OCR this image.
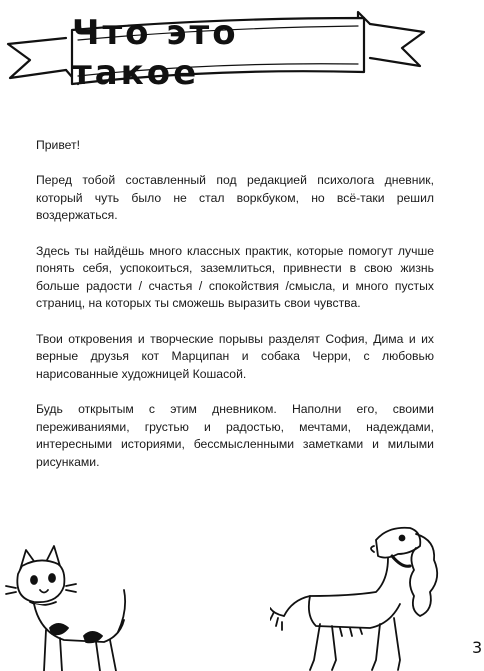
Что это такое

Привет!

Перед тобой составленный под редакцией психолога дневник, который чуть было не стал воркбуком, но всё-таки решил воздержаться.

Здесь ты найдёшь много классных практик, которые помогут лучше понять себя, успокоиться, заземлиться, привнести в свою жизнь больше радости / счастья / спокойствия /смысла, и много пустых страниц, на которых ты сможешь выразить свои чувства.

Твои откровения и творческие порывы разделят София, Дима и их верные друзья кот Марципан и собака Черри, с любовью нарисованные художницей Кошасой.

Будь открытым с этим дневником. Наполни его, своими переживаниями, грустью и радостью, мечтами, надеждами, интересными историями, бессмысленными заметками и милыми рисунками.

3
